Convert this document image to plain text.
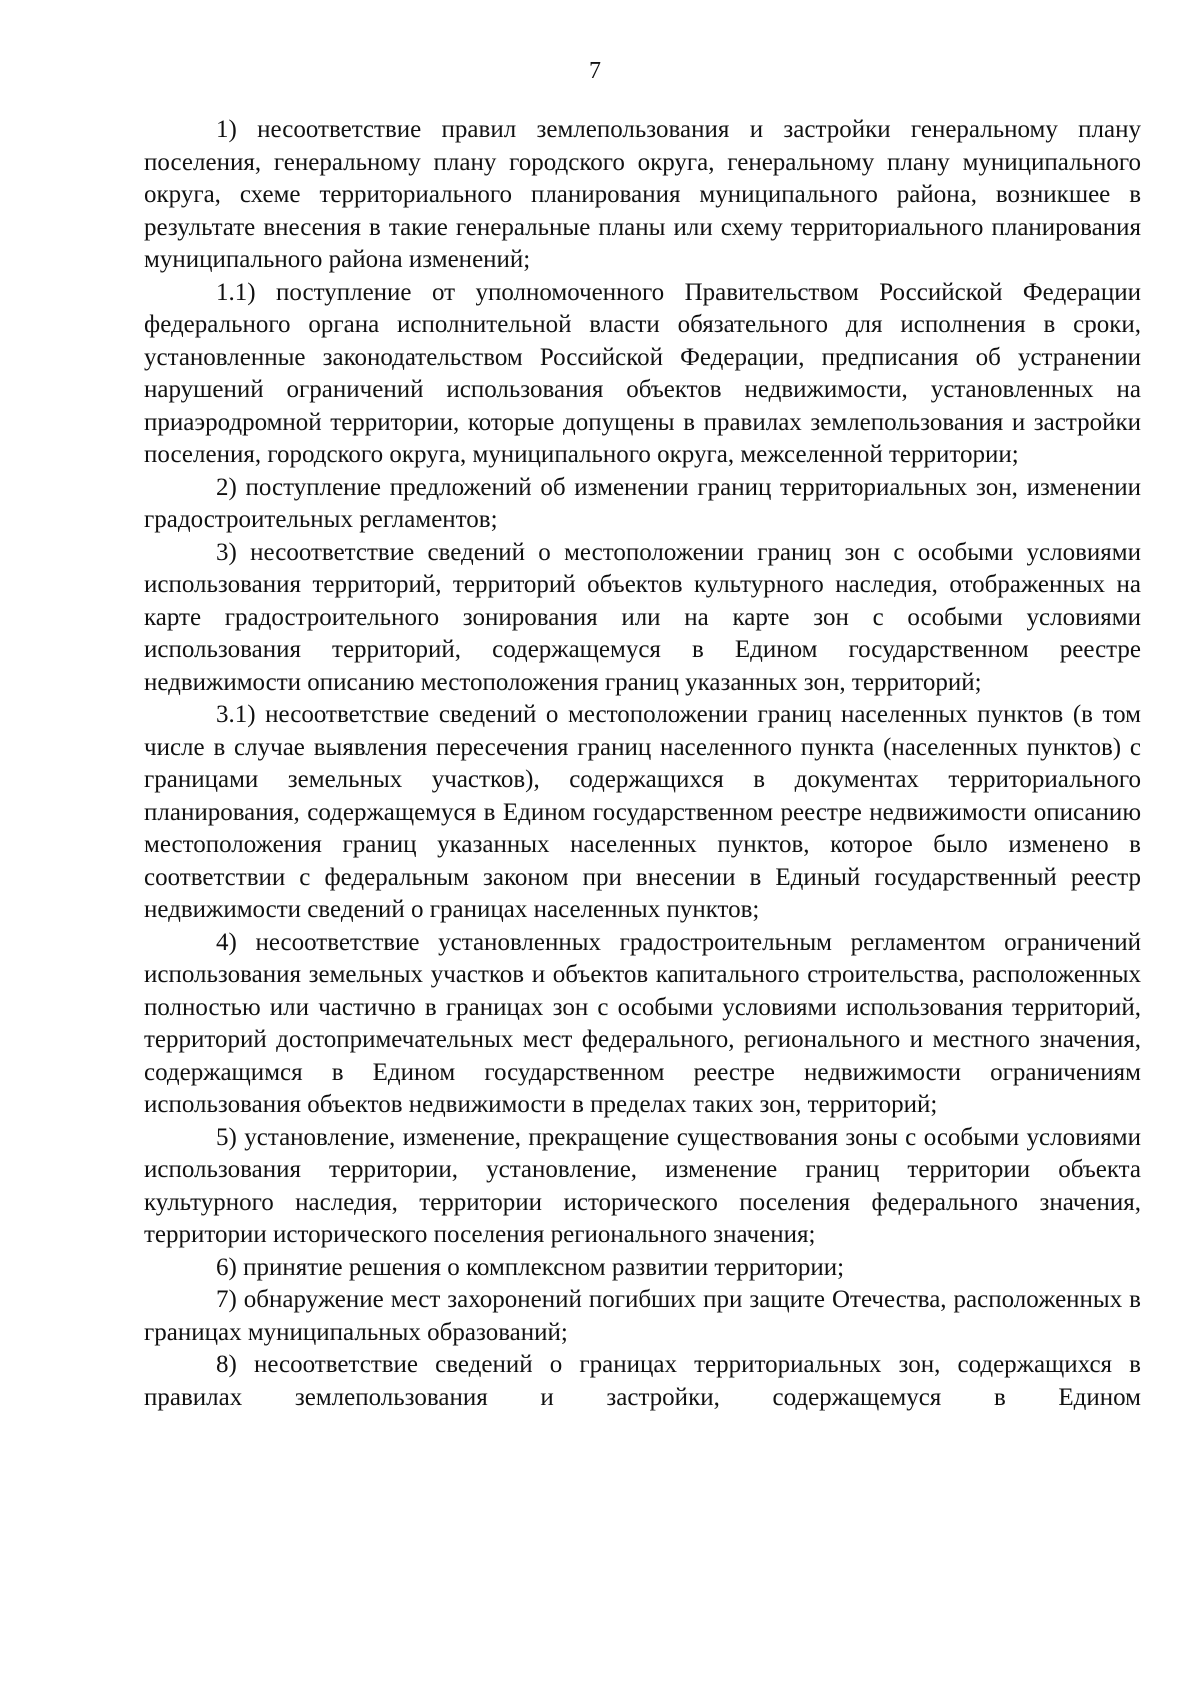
7

1) несоответствие правил землепользования и застройки генеральному плану поселения, генеральному плану городского округа, генеральному плану муниципального округа, схеме территориального планирования муниципального района, возникшее в результате внесения в такие генеральные планы или схему территориального планирования муниципального района изменений;

1.1) поступление от уполномоченного Правительством Российской Федерации федерального органа исполнительной власти обязательного для исполнения в сроки, установленные законодательством Российской Федерации, предписания об устранении нарушений ограничений использования объектов недвижимости, установленных на приаэродромной территории, которые допущены в правилах землепользования и застройки поселения, городского округа, муниципального округа, межселенной территории;

2) поступление предложений об изменении границ территориальных зон, изменении градостроительных регламентов;

3) несоответствие сведений о местоположении границ зон с особыми условиями использования территорий, территорий объектов культурного наследия, отображенных на карте градостроительного зонирования или на карте зон с особыми условиями использования территорий, содержащемуся в Едином государственном реестре недвижимости описанию местоположения границ указанных зон, территорий;

3.1) несоответствие сведений о местоположении границ населенных пунктов (в том числе в случае выявления пересечения границ населенного пункта (населенных пунктов) с границами земельных участков), содержащихся в документах территориального планирования, содержащемуся в Едином государственном реестре недвижимости описанию местоположения границ указанных населенных пунктов, которое было изменено в соответствии с федеральным законом при внесении в Единый государственный реестр недвижимости сведений о границах населенных пунктов;

4) несоответствие установленных градостроительным регламентом ограничений использования земельных участков и объектов капитального строительства, расположенных полностью или частично в границах зон с особыми условиями использования территорий, территорий достопримечательных мест федерального, регионального и местного значения, содержащимся в Едином государственном реестре недвижимости ограничениям использования объектов недвижимости в пределах таких зон, территорий;

5) установление, изменение, прекращение существования зоны с особыми условиями использования территории, установление, изменение границ территории объекта культурного наследия, территории исторического поселения федерального значения, территории исторического поселения регионального значения;

6) принятие решения о комплексном развитии территории;

7) обнаружение мест захоронений погибших при защите Отечества, расположенных в границах муниципальных образований;

8) несоответствие сведений о границах территориальных зон, содержащихся в правилах землепользования и застройки, содержащемуся в Едином
